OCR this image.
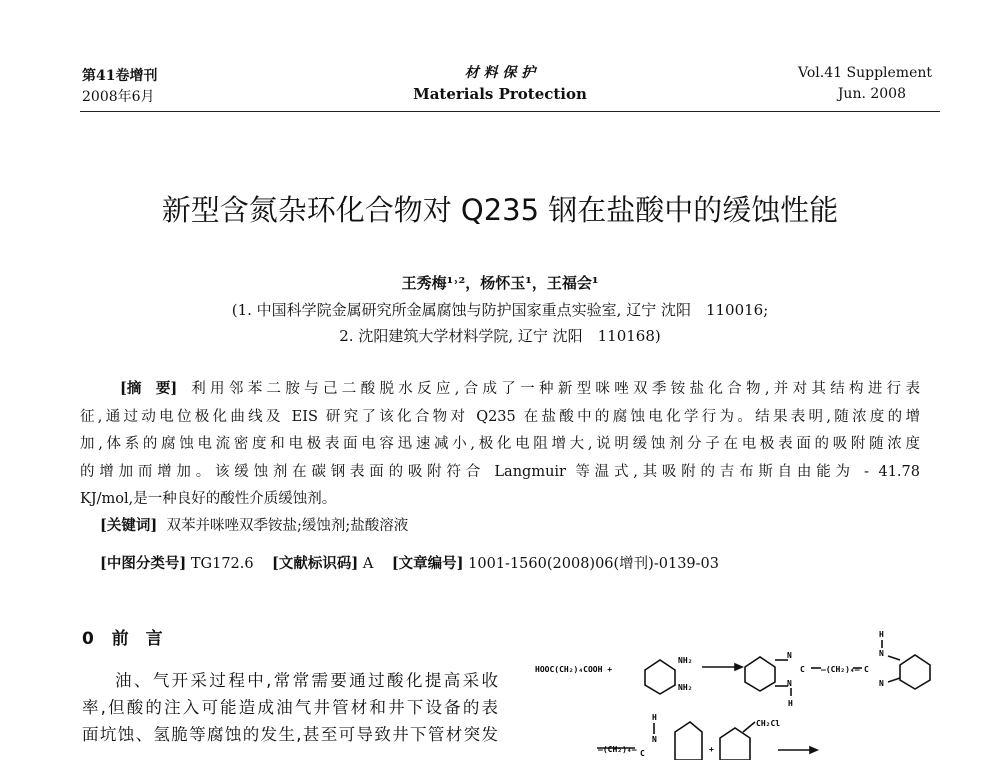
第41卷增刊
2008年6月
材 料 保 护
Materials Protection
Vol.41 Supplement
Jun. 2008
新型含氮杂环化合物对 Q235 钢在盐酸中的缓蚀性能
王秀梅¹˒²，杨怀玉¹，王福会¹
(1. 中国科学院金属研究所金属腐蚀与防护国家重点实验室, 辽宁 沈阳　110016;
2. 沈阳建筑大学材料学院, 辽宁 沈阳　110168)
[摘　要] 利用邻苯二胺与己二酸脱水反应,合成了一种新型咪唑双季铵盐化合物,并对其结构进行表
征,通过动电位极化曲线及 EIS 研究了该化合物对 Q235 在盐酸中的腐蚀电化学行为。结果表明,随浓度的增
加,体系的腐蚀电流密度和电极表面电容迅速减小,极化电阻增大,说明缓蚀剂分子在电极表面的吸附随浓度
的增加而增加。该缓蚀剂在碳钢表面的吸附符合 Langmuir 等温式,其吸附的吉布斯自由能为 - 41.78
KJ/mol,是一种良好的酸性介质缓蚀剂。
[关键词] 双苯并咪唑双季铵盐;缓蚀剂;盐酸溶液
[中图分类号] TG172.6 [文献标识码] A [文章编号] 1001-1560(2008)06(增刊)-0139-03
0 前　言
油、气开采过程中,常常需要通过酸化提高采收
率,但酸的注入可能造成油气井管材和井下设备的表
面坑蚀、氢脆等腐蚀的发生,甚至可导致井下管材突发
HOOC(CH₂)₄COOH +
NH₂
NH₂
N
C
N
H
—(CH₂)₄— C
H
N
N
—(CH₂)₄—
H
N
C	+
CH₂Cl
